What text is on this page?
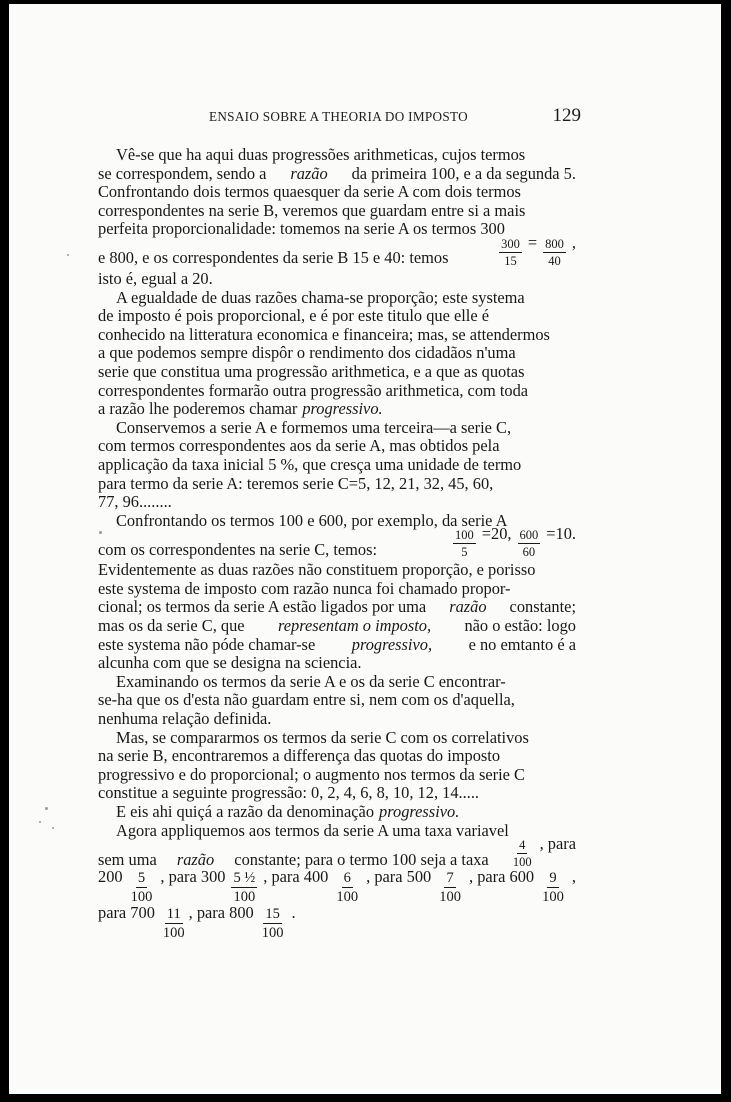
ENSAIO SOBRE A THEORIA DO IMPOSTO	129
Vê-se que ha aqui duas progressões arithmeticas, cujos termos
se correspondem, sendo a razão da primeira 100, e a da segunda 5.
Confrontando dois termos quaesquer da serie A com dois termos
correspondentes na serie B, veremos que guardam entre si a mais
perfeita proporcionalidade: tomemos na serie A os termos 300
e 800, e os correspondentes da serie B 15 e 40: temos	$\frac{300}{15} = \frac{800}{40}$ ,
isto é, egual a 20.
A egualdade de duas razões chama-se proporção; este systema
de imposto é pois proporcional, e é por este titulo que elle é
conhecido na litteratura economica e financeira; mas, se attendermos
a que podemos sempre dispôr o rendimento dos cidadãos n'uma
serie que constitua uma progressão arithmetica, e a que as quotas
correspondentes formarão outra progressão arithmetica, com toda
a razão lhe poderemos chamar progressivo.
Conservemos a serie A e formemos uma terceira—a serie C,
com termos correspondentes aos da serie A, mas obtidos pela
applicação da taxa inicial 5 %, que cresça uma unidade de termo
para termo da serie A: teremos serie C=5, 12, 21, 32, 45, 60,
77, 96........
Confrontando os termos 100 e 600, por exemplo, da serie A
com os correspondentes na serie C, temos:	$\frac{100}{5} =20$, $\frac{600}{60} =10$.
Evidentemente as duas razões não constituem proporção, e porisso
este systema de imposto com razão nunca foi chamado propor-
cional; os termos da serie A estão ligados por uma razão constante;
mas os da serie C, que representam o imposto, não o estão: logo
este systema não póde chamar-se progressivo, e no emtanto é a
alcunha com que se designa na sciencia.
Examinando os termos da serie A e os da serie C encontrar-
se-ha que os d'esta não guardam entre si, nem com os d'aquella,
nenhuma relação definida.
Mas, se compararmos os termos da serie C com os correlativos
na serie B, encontraremos a differença das quotas do imposto
progressivo e do proporcional; o augmento nos termos da serie C
constitue a seguinte progressão: 0, 2, 4, 6, 8, 10, 12, 14.....
E eis ahi quiçá a razão da denominação progressivo.
Agora appliquemos aos termos da serie A uma taxa variavel
sem uma razão constante; para o termo 100 seja a taxa $\frac{4}{100}$ , para
$200 \frac{5}{100}$ , para $300 \frac{\text{5 ½}}{100}$ , para $400 \frac{6}{100}$ , para $500 \frac{7}{100}$ , para $600 \frac{9}{100}$ ,
para $700 \frac{11}{100}$ , para $800 \frac{15}{100}$ .
